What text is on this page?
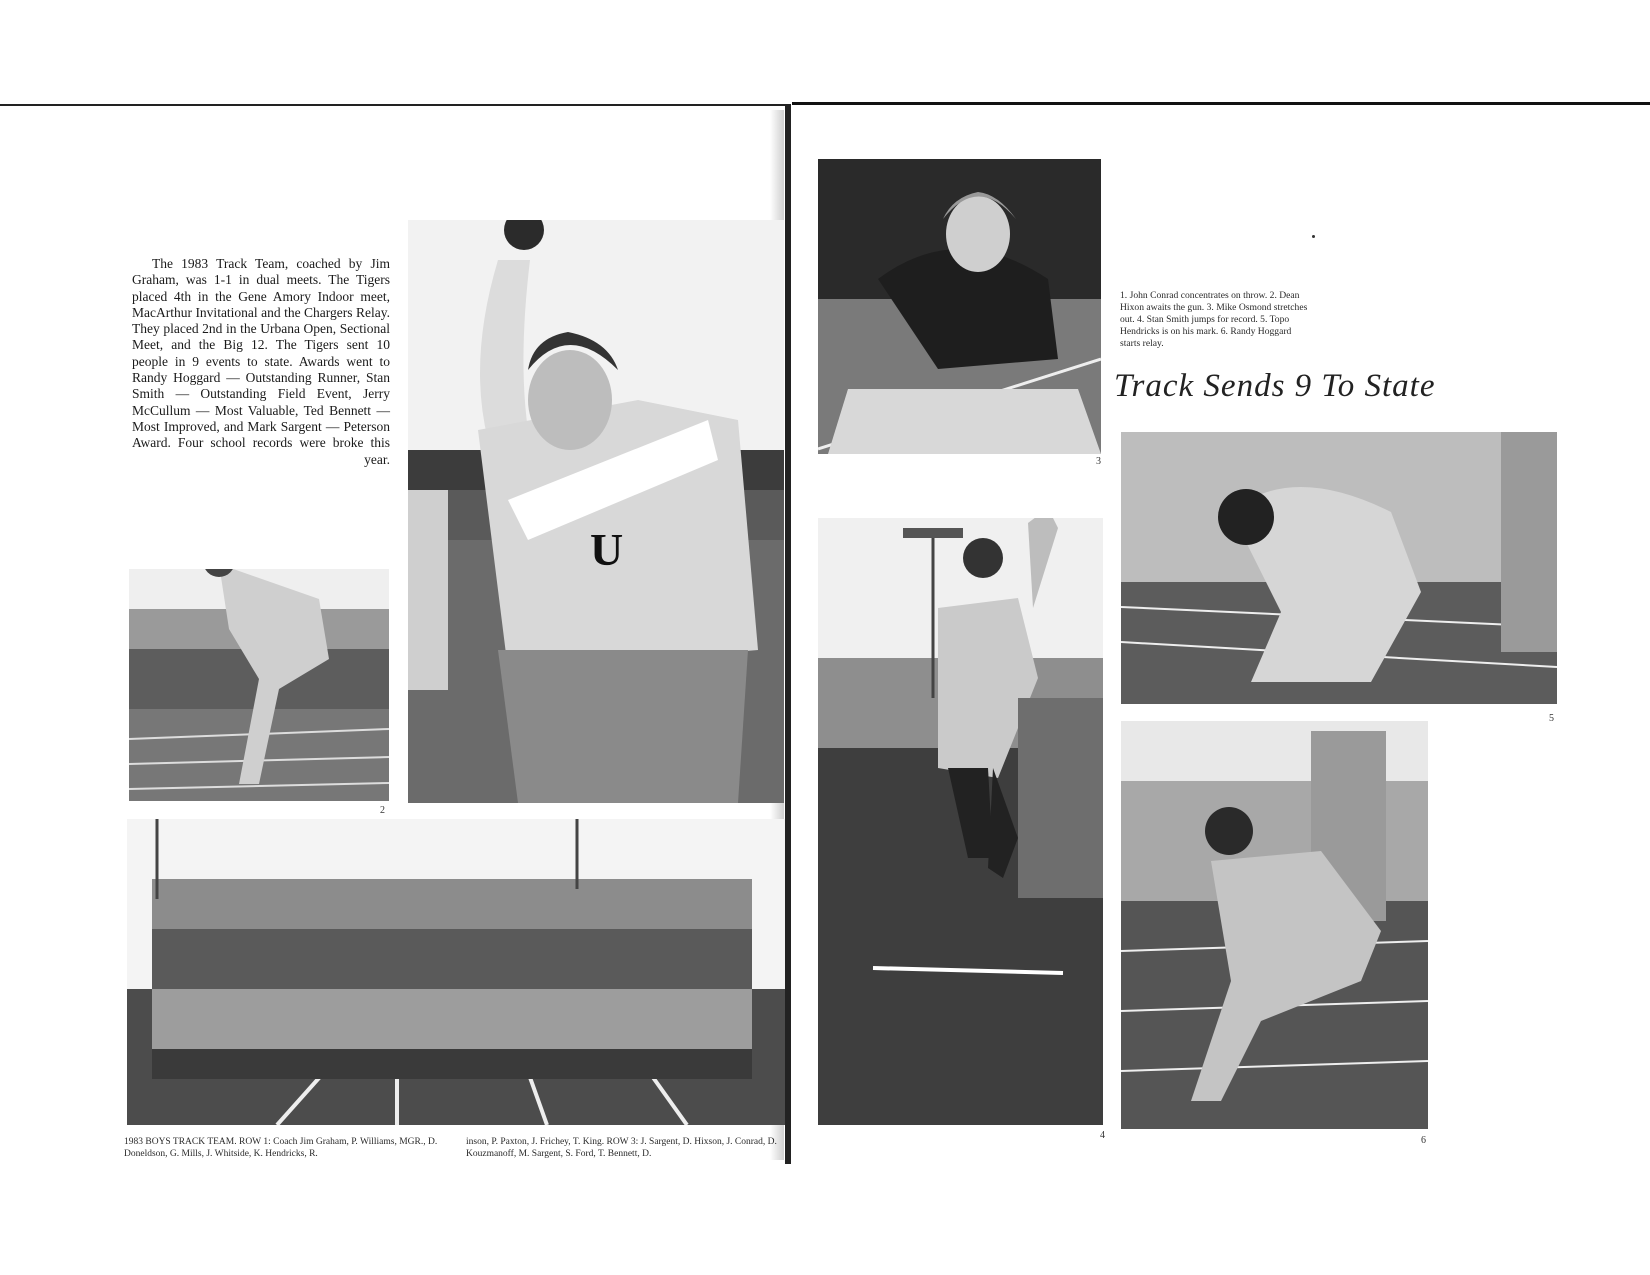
The 1983 Track Team, coached by Jim Graham, was 1-1 in dual meets. The Tigers placed 4th in the Gene Amory Indoor meet, MacArthur Invitational and the Chargers Relay. They placed 2nd in the Urbana Open, Sectional Meet, and the Big 12. The Tigers sent 10 people in 9 events to state. Awards went to Randy Hoggard — Outstanding Runner, Stan Smith — Outstanding Field Event, Jerry McCullum — Most Valuable, Ted Bennett — Most Improved, and Mark Sargent — Peterson Award. Four school records were broke this year.

U
2
1983 BOYS TRACK TEAM. ROW 1: Coach Jim Graham, P. Williams, MGR., D. Doneldson, G. Mills, J. Whitside, K. Hendricks, R.
inson, P. Paxton, J. Frichey, T. King. ROW 3: J. Sargent, D. Hixson, J. Conrad, D. Kouzmanoff, M. Sargent, S. Ford, T. Bennett, D.
3
1. John Conrad concentrates on throw. 2. Dean Hixon awaits the gun. 3. Mike Osmond stretches out. 4. Stan Smith jumps for record. 5. Topo Hendricks is on his mark. 6. Randy Hoggard starts relay.
Track Sends 9 To State
5
4	6
